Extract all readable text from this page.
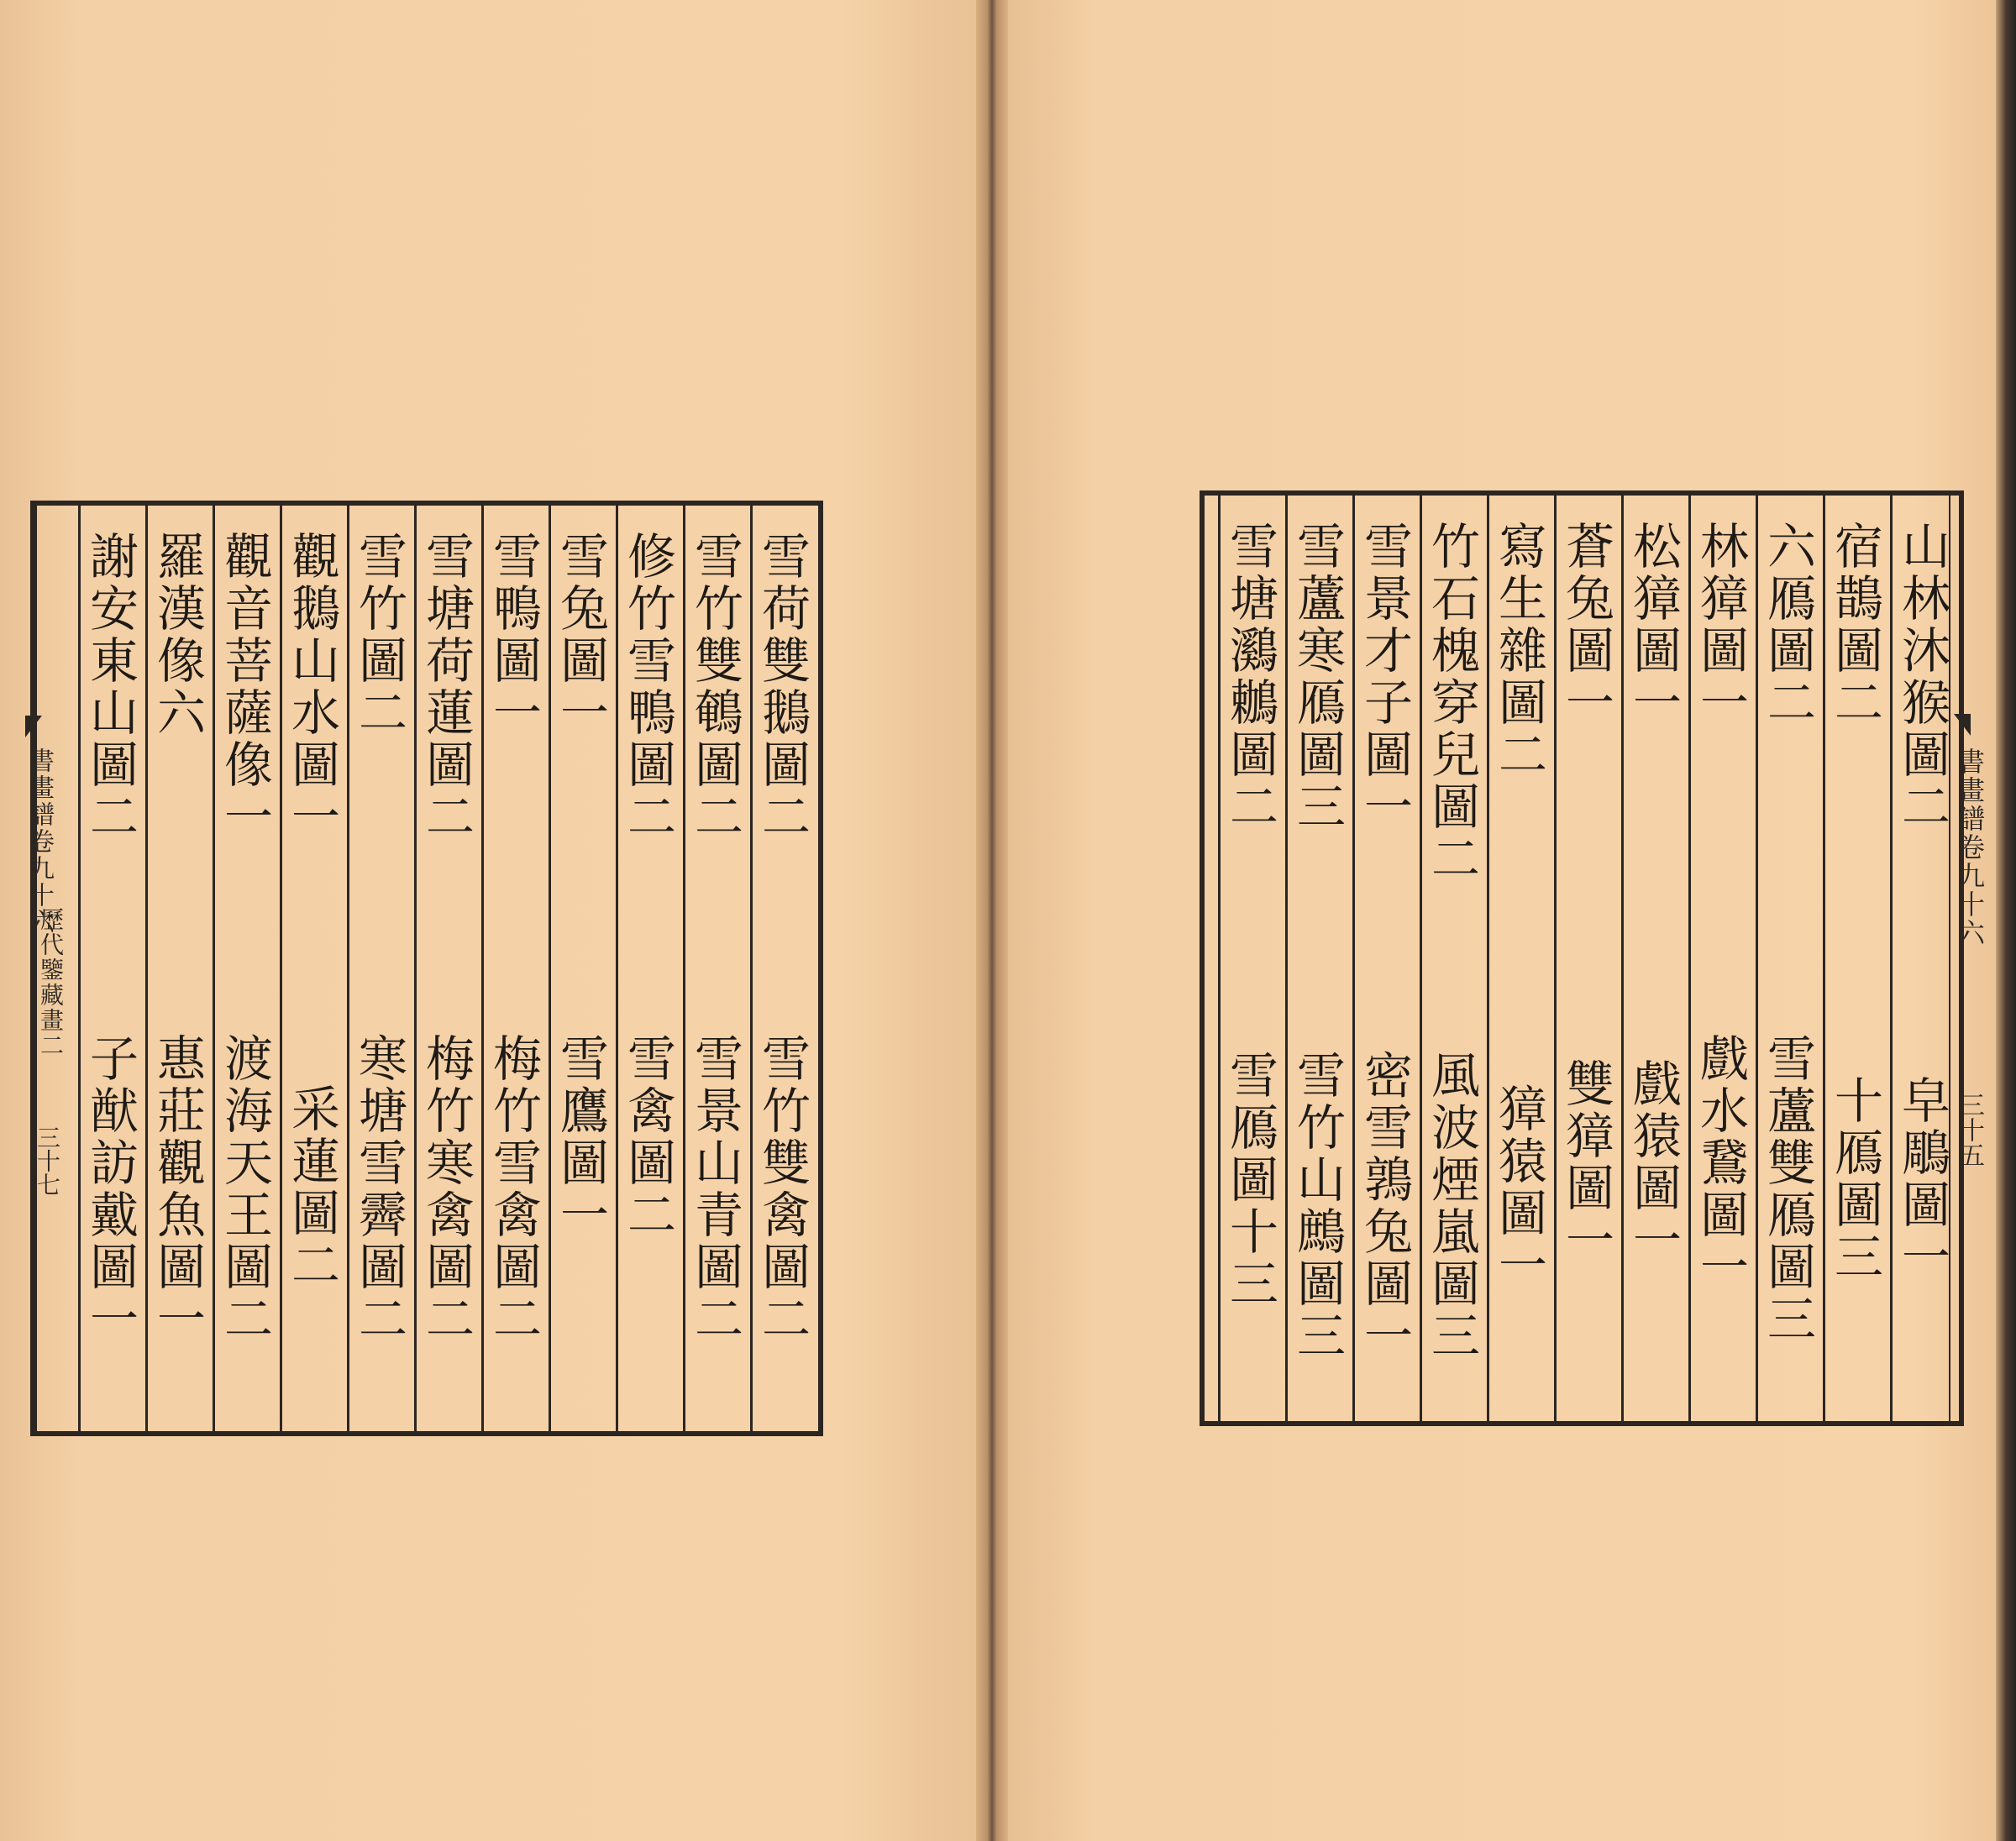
雪荷雙鵝圖二
雪竹雙禽圖二
雪竹雙鵪圖二
雪景山青圖二
修竹雪鴨圖二
雪禽圖二
雪兔圖一
雪鷹圖一
雪鴨圖一
梅竹雪禽圖二
雪塘荷蓮圖二
梅竹寒禽圖二
雪竹圖二
寒塘雪霽圖二
觀鵝山水圖一
采蓮圖二
觀音菩薩像一
渡海天王圖二
羅漢像六
惠莊觀魚圖一
謝安東山圖二
子猷訪戴圖一
書畫譜卷九十六
歷代鑒藏畫二
三十七
山林沐猴圖二
皁鵰圖一
宿鵲圖二
十鴈圖三
六鴈圖二
雪蘆雙鴈圖三
林獐圖一
戲水鵞圖一
松獐圖一
戲猿圖一
蒼兔圖一
雙獐圖一
寫生雜圖二
獐猿圖一
竹石槐穿兒圖二
風波煙嵐圖三
雪景才子圖一
密雪鶉兔圖一
雪蘆寒鴈圖三
雪竹山鷓圖三
雪塘鸂鶒圖二
雪鴈圖十三
書畫譜卷九十六
三十五
